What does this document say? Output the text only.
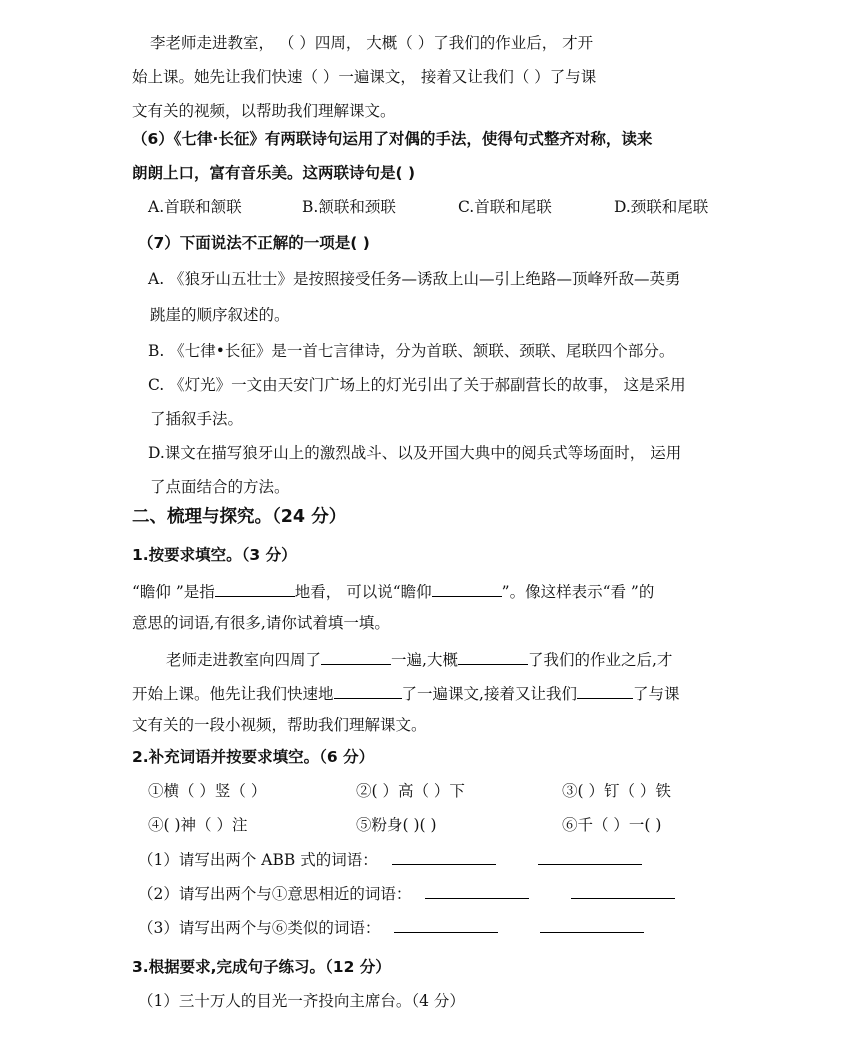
李老师走进教室， （ ）四周， 大概（ ）了我们的作业后， 才开
始上课。她先让我们快速（ ）一遍课文， 接着又让我们（ ）了与课
文有关的视频，以帮助我们理解课文。
（6）《七律·长征》有两联诗句运用了对偶的手法，使得句式整齐对称，读来
朗朗上口，富有音乐美。这两联诗句是( )
A.首联和颔联	B.颔联和颈联	C.首联和尾联	D.颈联和尾联
（7）下面说法不正解的一项是( )
A. 《狼牙山五壮士》是按照接受任务—诱敌上山—引上绝路—顶峰歼敌—英勇
跳崖的顺序叙述的。
B. 《七律•长征》是一首七言律诗，分为首联、颔联、颈联、尾联四个部分。
C. 《灯光》一文由天安门广场上的灯光引出了关于郝副营长的故事， 这是采用
了插叙手法。
D.课文在描写狼牙山上的激烈战斗、以及开国大典中的阅兵式等场面时， 运用
了点面结合的方法。
二、梳理与探究。（24 分）
1.按要求填空。（3 分）
“瞻仰 ”是指	地看， 可以说“瞻仰	”。像这样表示“看 ”的
意思的词语,有很多,请你试着填一填。
老师走进教室向四周了	一遍,大概	了我们的作业之后,才
开始上课。他先让我们快速地	了一遍课文,接着又让我们	了与课
文有关的一段小视频，帮助我们理解课文。
2.补充词语并按要求填空。（6 分）
①横（ ）竖（ ）	②( ）高（ ）下	③( ）钉（ ）铁
④( )神（ ）注	⑤粉身( )( )	⑥千（ ）一( )
（1）请写出两个 ABB 式的词语：
（2）请写出两个与①意思相近的词语：
（3）请写出两个与⑥类似的词语：
3.根据要求,完成句子练习。（12 分）
（1）三十万人的目光一齐投向主席台。（4 分）
